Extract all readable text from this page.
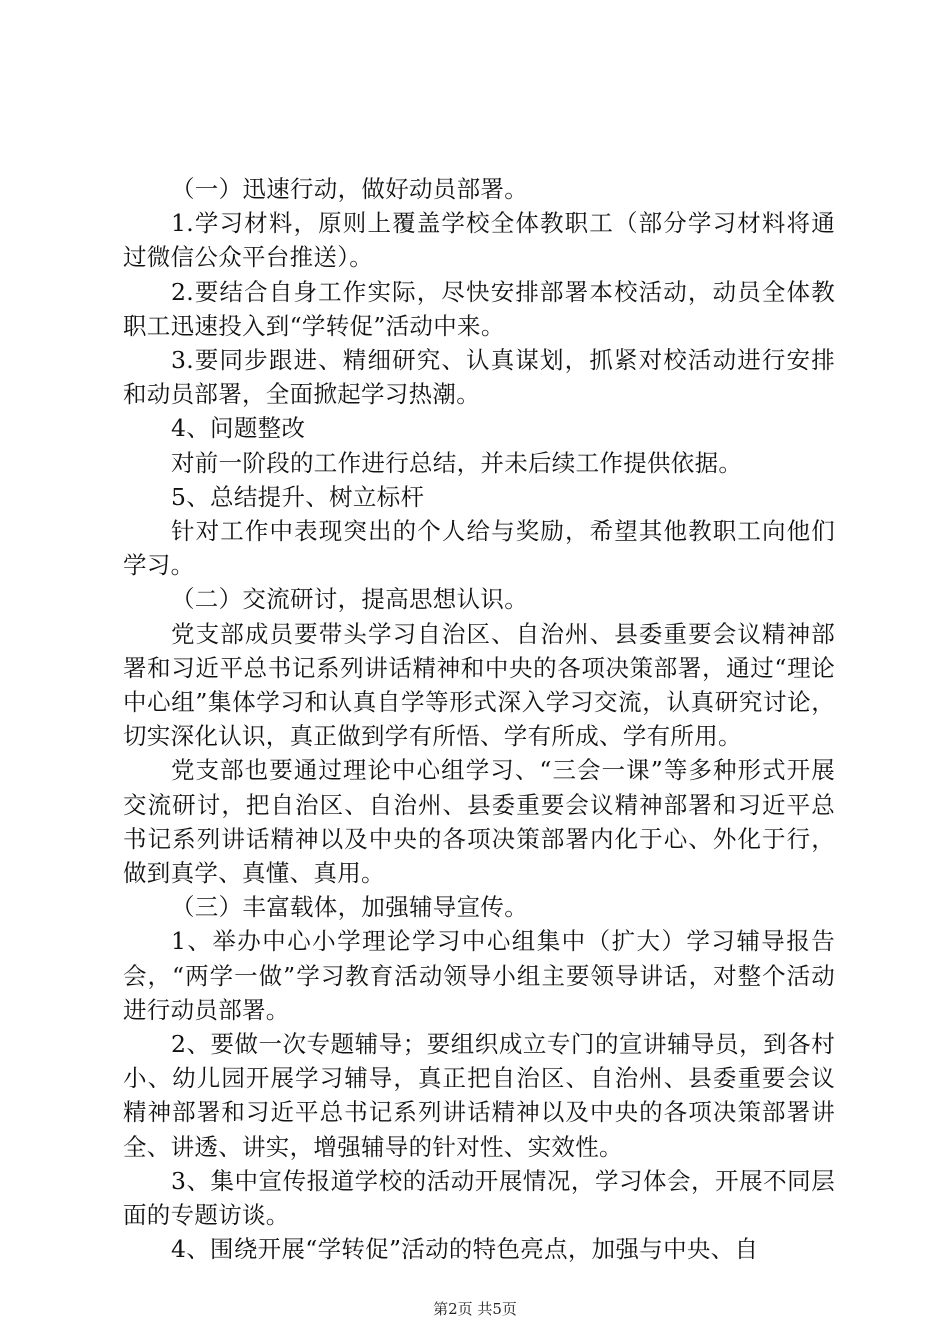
（一）迅速行动，做好动员部署。

1.学习材料，原则上覆盖学校全体教职工（部分学习材料将通过微信公众平台推送）。

2.要结合自身工作实际，尽快安排部署本校活动，动员全体教职工迅速投入到“学转促”活动中来。

3.要同步跟进、精细研究、认真谋划，抓紧对校活动进行安排和动员部署，全面掀起学习热潮。

4、问题整改

对前一阶段的工作进行总结，并未后续工作提供依据。

5、总结提升、树立标杆

针对工作中表现突出的个人给与奖励，希望其他教职工向他们学习。

（二）交流研讨，提高思想认识。

党支部成员要带头学习自治区、自治州、县委重要会议精神部署和习近平总书记系列讲话精神和中央的各项决策部署，通过“理论中心组”集体学习和认真自学等形式深入学习交流，认真研究讨论，切实深化认识，真正做到学有所悟、学有所成、学有所用。

党支部也要通过理论中心组学习、“三会一课”等多种形式开展交流研讨，把自治区、自治州、县委重要会议精神部署和习近平总书记系列讲话精神以及中央的各项决策部署内化于心、外化于行，做到真学、真懂、真用。

（三）丰富载体，加强辅导宣传。

1、举办中心小学理论学习中心组集中（扩大）学习辅导报告会，“两学一做”学习教育活动领导小组主要领导讲话，对整个活动进行动员部署。

2、要做一次专题辅导；要组织成立专门的宣讲辅导员，到各村小、幼儿园开展学习辅导，真正把自治区、自治州、县委重要会议精神部署和习近平总书记系列讲话精神以及中央的各项决策部署讲全、讲透、讲实，增强辅导的针对性、实效性。

3、集中宣传报道学校的活动开展情况，学习体会，开展不同层面的专题访谈。

4、围绕开展“学转促”活动的特色亮点，加强与中央、自

第2页 共5页
